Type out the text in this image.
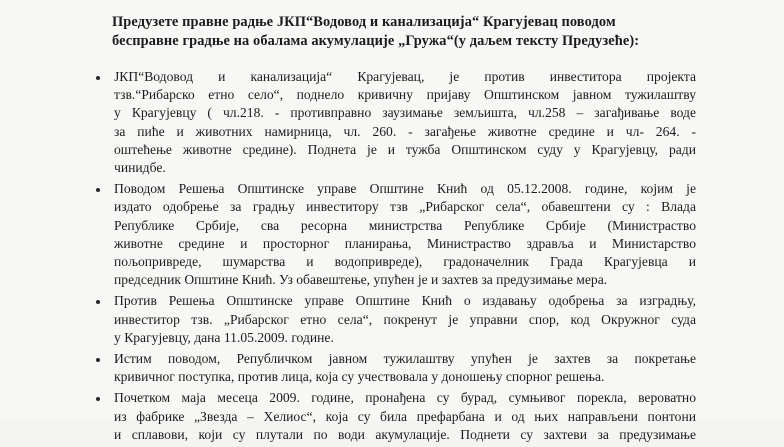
Предузете правне радње ЈКП“Водовод и канализација“ Крагујевац поводом
бесправне градње на обалама акумулације „Гружа“(у даљем тексту Предузеће):
ЈКП“Водовод и канализација“ Крагујевац, је против инвеститора пројекта
тзв.“Рибарско етно село“, поднело кривичну пријаву Општинском јавном тужилаштву
у Крагујевцу ( чл.218. - противправно заузимање земљишта, чл.258 – загађивање воде
за пиће и животних намирница, чл. 260. - загађење животне средине и чл- 264. -
оштећење животне средине). Поднета је и тужба Општинском суду у Крагујевцу, ради
чинидбе.
Поводом Решења Општинске управе Општине Кнић од 05.12.2008. године, којим је
издато одобрење за градњу инвеститору тзв „Рибарског села“, обавештени су : Влада
Републике Србије, сва ресорна министрства Републике Србије (Министраство
животне средине и просторног планирања, Министраство здравља и Министарство
пољопривреде, шумарства и водопривреде), градоначелник Града Крагујевца и
председник Општине Кнић. Уз обавештење, упућен је и захтев за предузимање мера.
Против Решења Општинске управе Општине Кнић о издавању одобрења за изградњу,
инвеститор тзв. „Рибарског етно села“, покренут је управни спор, код Окружног суда
у Крагујевцу, дана 11.05.2009. године.
Истим поводом, Републичком јавном тужилаштву упућен је захтев за покретање
кривичног поступка, против лица, која су учествовала у доношењу спорног решења.
Почетком маја месеца 2009. године, пронађена су бурад, сумњивог порекла, вероватно
из фабрике „Звезда – Хелиос“, која су била префарбана и од њих направљени понтони
и сплавови, који су плутали по води акумулације. Поднети су захтеви за предузимање
